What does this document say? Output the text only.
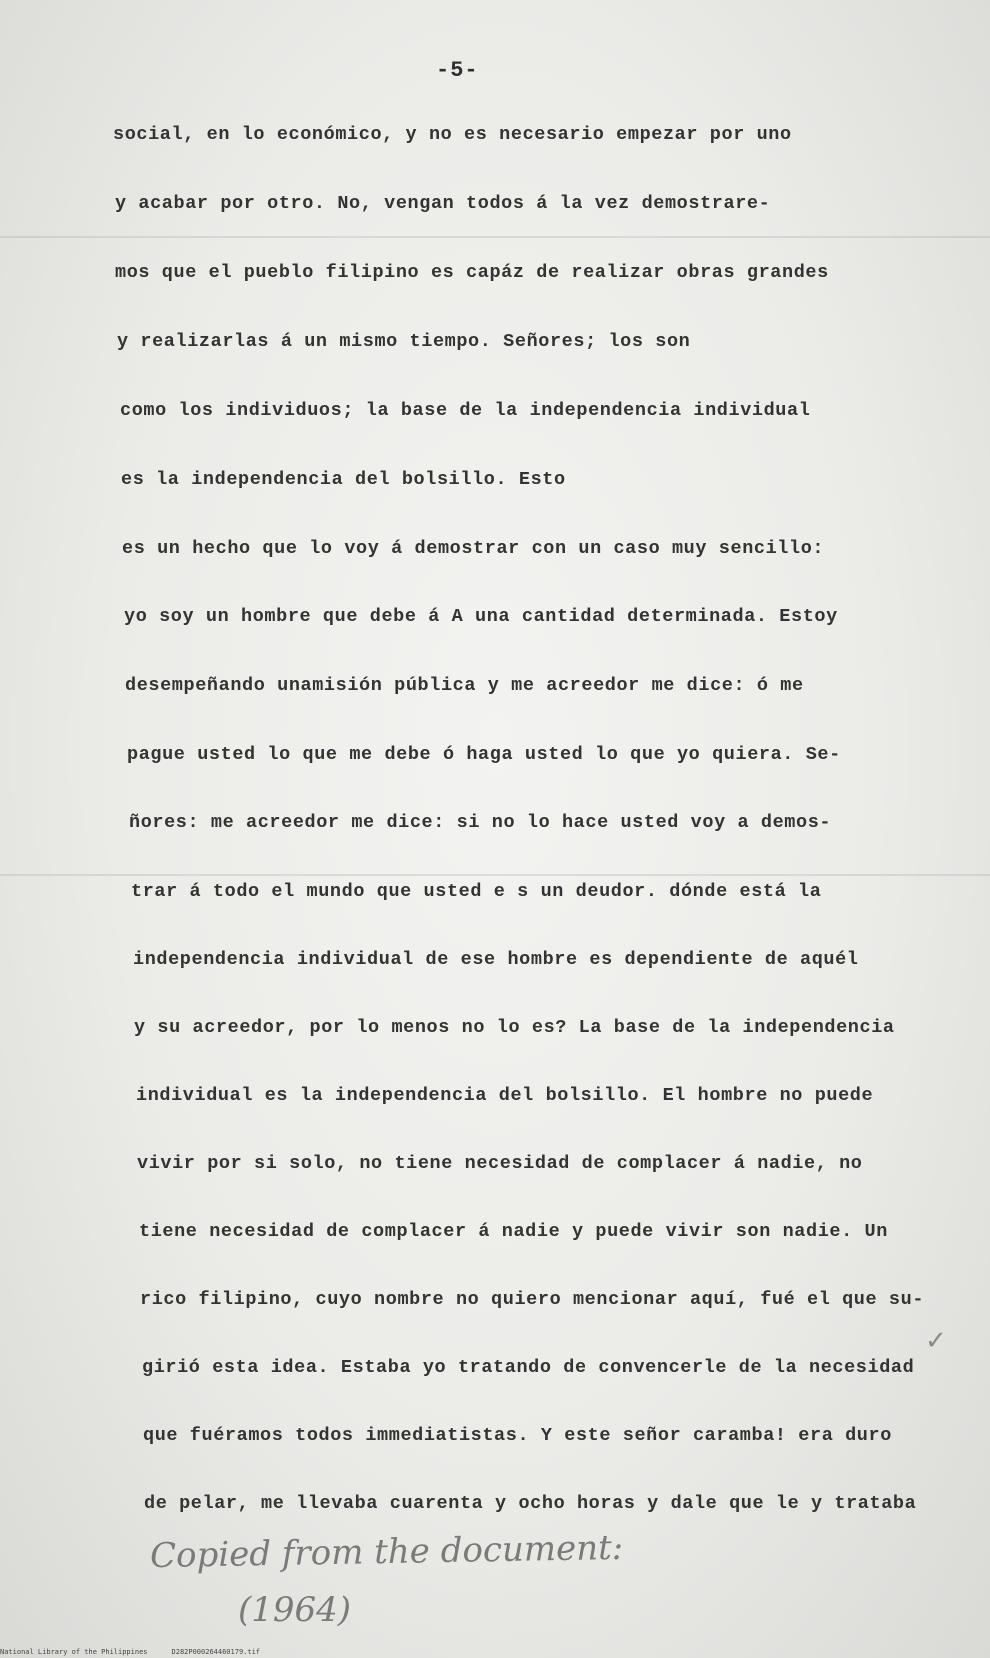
-5-
social, en lo económico, y no es necesario empezar por uno
y acabar por otro. No, vengan todos á la vez demostrare-
mos que el pueblo filipino es capáz de realizar obras grandes
y realizarlas á un mismo tiempo. Señores; los son
como los individuos; la base de la independencia individual
es la independencia del bolsillo. Esto
es un hecho que lo voy á demostrar con un caso muy sencillo:
yo soy un hombre que debe á A una cantidad determinada. Estoy
desempeñando unamisión pública y me acreedor me dice: ó me
pague usted lo que me debe ó haga usted lo que yo quiera. Se-
ñores: me acreedor me dice: si no lo hace usted voy a demos-
trar á todo el mundo que usted e s un deudor. dónde está la
independencia individual de ese hombre es dependiente de aquél
y su acreedor, por lo menos no lo es? La base de la independencia
individual es la independencia del bolsillo. El hombre no puede
vivir por si solo, no tiene necesidad de complacer á nadie, no
tiene necesidad de complacer á nadie y puede vivir son nadie. Un
rico filipino, cuyo nombre no quiero mencionar aquí, fué el que su-
girió esta idea. Estaba yo tratando de convencerle de la necesidad
que fuéramos todos immediatistas. Y este señor caramba! era duro
de pelar, me llevaba cuarenta y ocho horas y dale que le y trataba
✓
Copied from the document:
(1964)
National Library of the Philippines	D282P000264460179.tif
